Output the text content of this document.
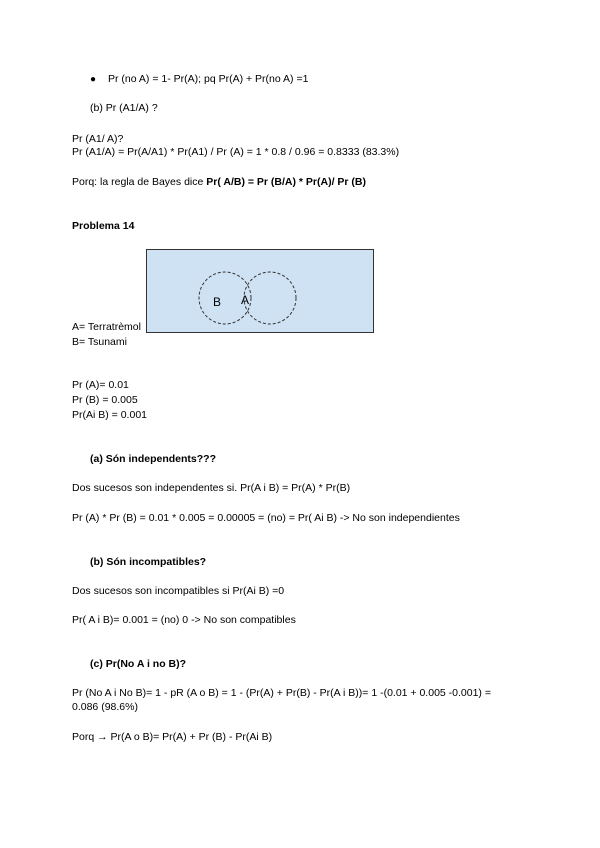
● Pr (no A) = 1- Pr(A); pq Pr(A) + Pr(no A) =1
(b) Pr (A1/A) ?
Pr (A1/ A)?
Pr (A1/A) = Pr(A/A1) * Pr(A1) / Pr (A) = 1 * 0.8 / 0.96 = 0.8333 (83.3%)
Porq: la regla de Bayes dice Pr( A/B) = Pr (B/A) * Pr(A)/ Pr (B)
Problema 14
B A
A= Terratrèmol
B= Tsunami
Pr (A)= 0.01
Pr (B) = 0.005
Pr(Ai B) = 0.001
(a) Són independents???
Dos sucesos son independentes si. Pr(A i B) = Pr(A) * Pr(B)
Pr (A) * Pr (B) = 0.01 * 0.005 = 0.00005 = (no) = Pr( Ai B) -> No son independientes
(b) Són incompatibles?
Dos sucesos son incompatibles si Pr(Ai B) =0
Pr( A i B)= 0.001 = (no) 0 -> No son compatibles
(c) Pr(No A i no B)?
Pr (No A i No B)= 1 - pR (A o B) = 1 - (Pr(A) + Pr(B) - Pr(A i B))= 1 -(0.01 + 0.005 -0.001) =
0.086 (98.6%)
Porq → Pr(A o B)= Pr(A) + Pr (B) - Pr(Ai B)
